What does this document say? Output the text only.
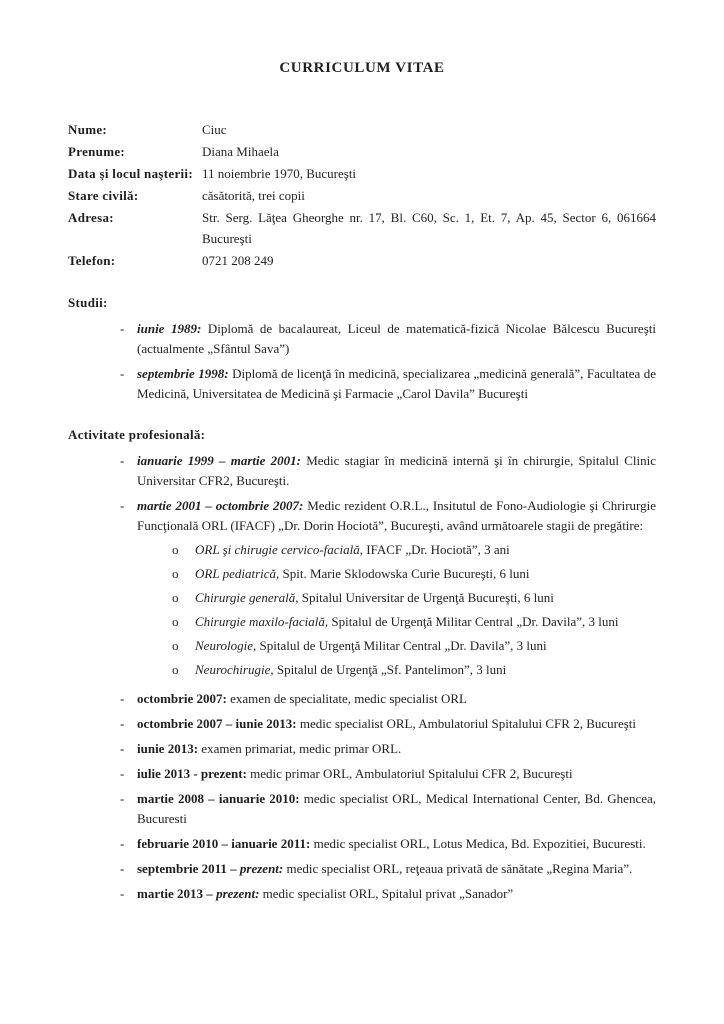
CURRICULUM VITAE
Nume:	Ciuc
Prenume:	Diana Mihaela
Data şi locul naşterii: 11 noiembrie 1970, Bucureşti
Stare civilă:	căsătorită, trei copii
Adresa:	Str. Serg. Lăţea Gheorghe nr. 17, Bl. C60, Sc. 1, Et. 7, Ap. 45, Sector 6, 061664 Bucureşti
Telefon:	0721 208 249
Studii:
- iunie 1989: Diplomă de bacalaureat, Liceul de matematică-fizică Nicolae Bălcescu Bucureşti (actualmente „Sfântul Sava”)
- septembrie 1998: Diplomă de licenţă în medicină, specializarea „medicină generală”, Facultatea de Medicină, Universitatea de Medicină şi Farmacie „Carol Davila” Bucureşti
Activitate profesională:
- ianuarie 1999 – martie 2001: Medic stagiar în medicină internă şi în chirurgie, Spitalul Clinic Universitar CFR2, Bucureşti.
- martie 2001 – octombrie 2007: Medic rezident O.R.L., Insitutul de Fono-Audiologie şi Chrirurgie Funcţională ORL (IFACF) „Dr. Dorin Hociotă”, Bucureşti, având următoarele stagii de pregătire:
o	ORL şi chirugie cervico-facială, IFACF „Dr. Hociotă”, 3 ani
o	ORL pediatrică, Spit. Marie Sklodowska Curie Bucureşti, 6 luni
o	Chirurgie generală, Spitalul Universitar de Urgenţă Bucureşti, 6 luni
o	Chirurgie maxilo-facială, Spitalul de Urgenţă Militar Central „Dr. Davila”, 3 luni
o	Neurologie, Spitalul de Urgenţă Militar Central „Dr. Davila”, 3 luni
o	Neurochirugie, Spitalul de Urgenţă „Sf. Pantelimon”, 3 luni
- octombrie 2007: examen de specialitate, medic specialist ORL
- octombrie 2007 – iunie 2013: medic specialist ORL, Ambulatoriul Spitalului CFR 2, Bucureşti
- iunie 2013: examen primariat, medic primar ORL.
- iulie 2013 - prezent: medic primar ORL, Ambulatoriul Spitalului CFR 2, Bucureşti
- martie 2008 – ianuarie 2010: medic specialist ORL, Medical International Center, Bd. Ghencea, Bucuresti
- februarie 2010 – ianuarie 2011: medic specialist ORL, Lotus Medica, Bd. Expozitiei, Bucuresti.
- septembrie 2011 – prezent: medic specialist ORL, reţeaua privată de sănătate „Regina Maria”.
- martie 2013 – prezent: medic specialist ORL, Spitalul privat „Sanador”
